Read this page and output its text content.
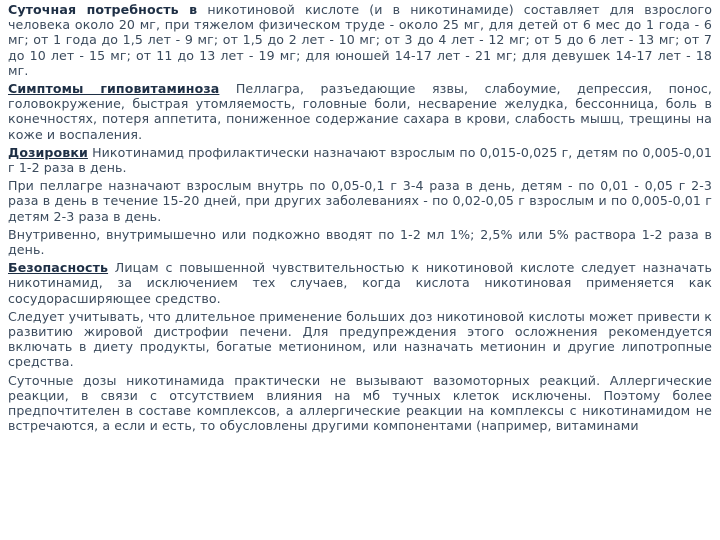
Суточная потребность в никотиновой кислоте (и в никотинамиде) составляет для взрослого человека около 20 мг, при тяжелом физическом труде - около 25 мг, для детей от 6 мес до 1 года - 6 мг; от 1 года до 1,5 лет - 9 мг; от 1,5 до 2 лет - 10 мг; от 3 до 4 лет - 12 мг; от 5 до 6 лет - 13 мг; от 7 до 10 лет - 15 мг; от 11 до 13 лет - 19 мг; для юношей 14-17 лет - 21 мг; для девушек 14-17 лет - 18 мг.

Симптомы гиповитаминоза Пеллагра, разъедающие язвы, слабоумие, депрессия, понос, головокружение, быстрая утомляемость, головные боли, несварение желудка, бессонница, боль в конечностях, потеря аппетита, пониженное содержание сахара в крови, слабость мышц, трещины на коже и воспаления.

Дозировки Никотинамид профилактически назначают взрослым по 0,015-0,025 г, детям по 0,005-0,01 г 1-2 раза в день.

При пеллагре назначают взрослым внутрь по 0,05-0,1 г 3-4 раза в день, детям - по 0,01 - 0,05 г 2-3 раза в день в течение 15-20 дней, при других заболеваниях - по 0,02-0,05 г взрослым и по 0,005-0,01 г детям 2-3 раза в день.

Внутривенно, внутримышечно или подкожно вводят по 1-2 мл 1%; 2,5% или 5% раствора 1-2 раза в день.

Безопасность Лицам с повышенной чувствительностью к никотиновой кислоте следует назначать никотинамид, за исключением тех случаев, когда кислота никотиновая применяется как сосудорасширяющее средство.

Следует учитывать, что длительное применение больших доз никотиновой кислоты может привести к развитию жировой дистрофии печени. Для предупреждения этого осложнения рекомендуется включать в диету продукты, богатые метионином, или назначать метионин и другие липотропные средства.

Суточные дозы никотинамида практически не вызывают вазомоторных реакций. Аллергические реакции, в связи с отсутствием влияния на мб тучных клеток исключены. Поэтому более предпочтителен в составе комплексов, а аллергические реакции на комплексы с никотинамидом не встречаются, а если и есть, то обусловлены другими компонентами (например, витаминами
